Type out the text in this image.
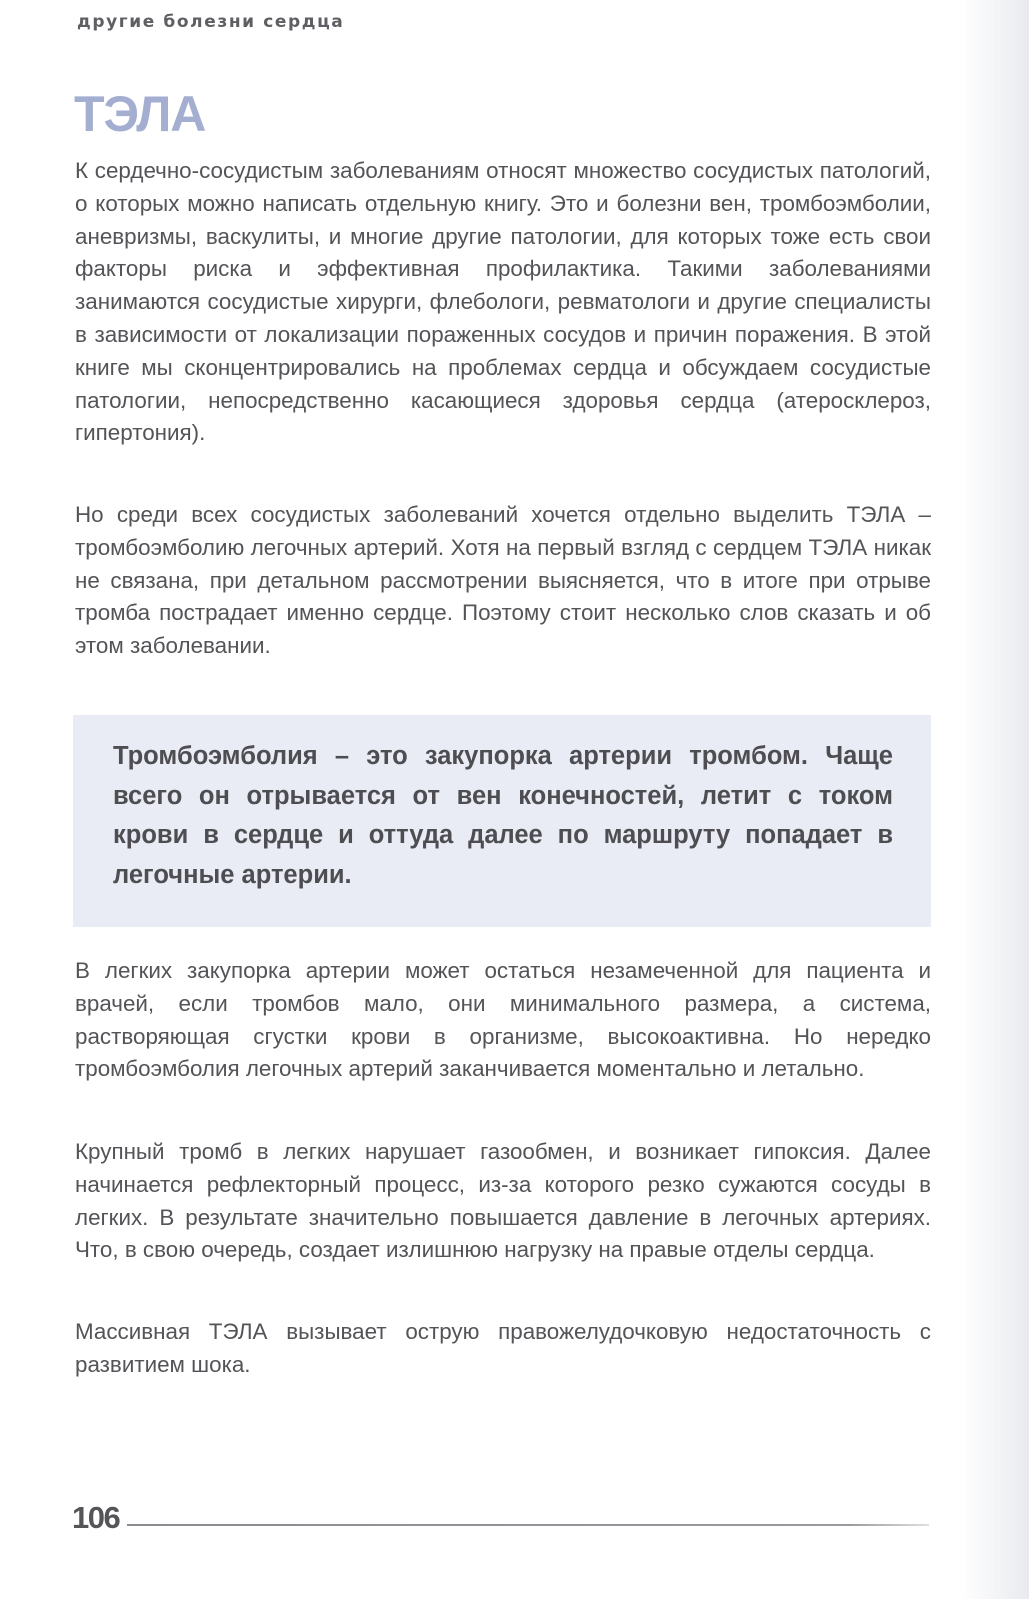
другие болезни сердца
ТЭЛА

К сердечно-сосудистым заболеваниям относят множество сосудистых патологий, о которых можно написать отдельную книгу. Это и болезни вен, тромбоэмболии, аневризмы, васкулиты, и многие другие патологии, для которых тоже есть свои факторы риска и эффективная профилактика. Такими заболеваниями занимаются сосудистые хирурги, флебологи, ревматологи и другие специалисты в зависимости от локализации пораженных сосудов и причин поражения. В этой книге мы сконцентрировались на проблемах сердца и обсуждаем сосудистые патологии, непосредственно касающиеся здоровья сердца (атеросклероз, гипертония).

Но среди всех сосудистых заболеваний хочется отдельно выделить ТЭЛА – тромбоэмболию легочных артерий. Хотя на первый взгляд с сердцем ТЭЛА никак не связана, при детальном рассмотрении выясняется, что в итоге при отрыве тромба пострадает именно сердце. Поэтому стоит несколько слов сказать и об этом заболевании.

Тромбоэмболия – это закупорка артерии тромбом. Чаще всего он отрывается от вен конечностей, летит с током крови в сердце и оттуда далее по маршруту попадает в легочные артерии.

В легких закупорка артерии может остаться незамеченной для пациента и врачей, если тромбов мало, они минимального размера, а система, растворяющая сгустки крови в организме, высокоактивна. Но нередко тромбоэмболия легочных артерий заканчивается моментально и летально.

Крупный тромб в легких нарушает газообмен, и возникает гипоксия. Далее начинается рефлекторный процесс, из-за которого резко сужаются сосуды в легких. В результате значительно повышается давление в легочных артериях. Что, в свою очередь, создает излишнюю нагрузку на правые отделы сердца.

Массивная ТЭЛА вызывает острую правожелудочковую недостаточность с развитием шока.

106
